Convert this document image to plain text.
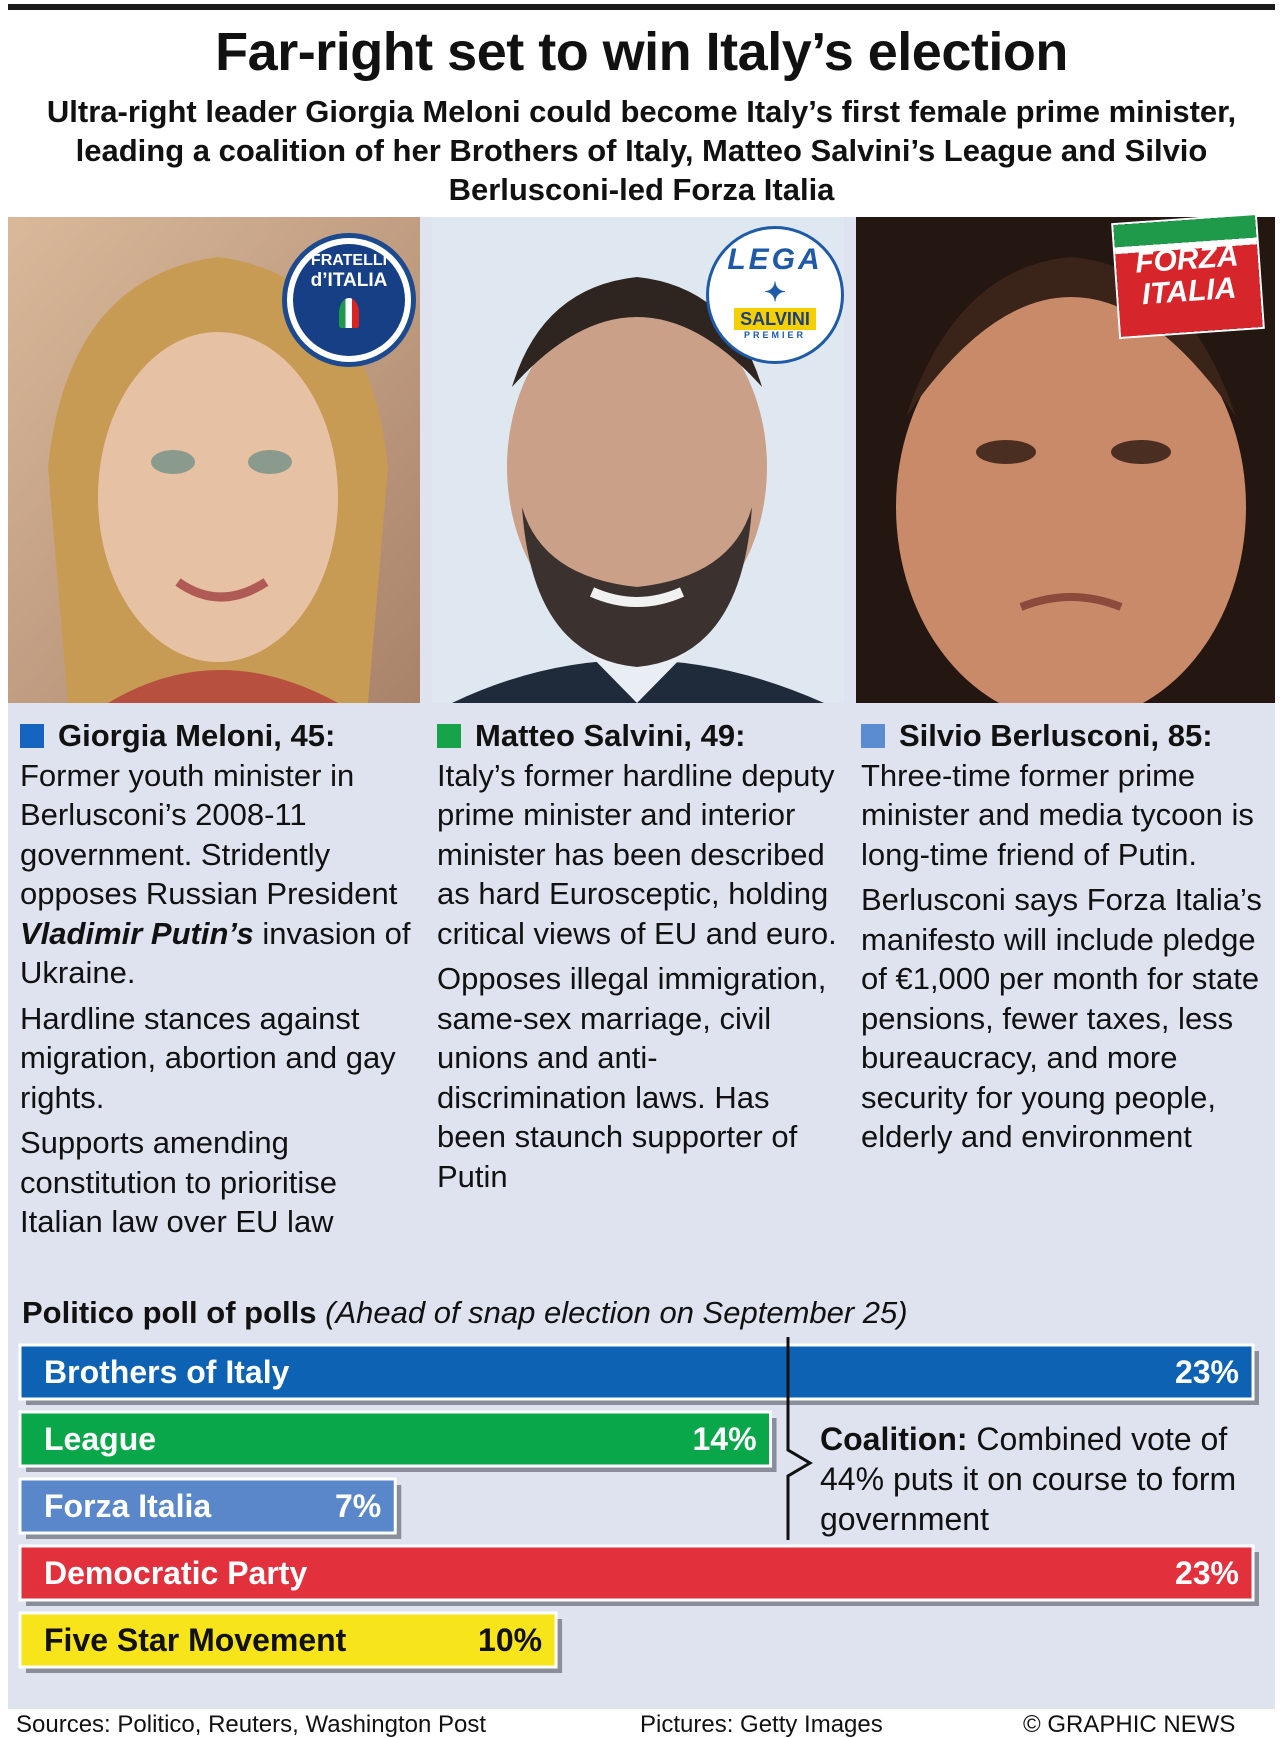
Far-right set to win Italy’s election
Ultra-right leader Giorgia Meloni could become Italy’s first female prime minister, leading a coalition of her Brothers of Italy, Matteo Salvini’s League and Silvio Berlusconi-led Forza Italia
FRATELLI
d’ITALIA
LEGA
✦
SALVINI
PREMIER
FORZA
ITALIA
Giorgia Meloni, 45:

Former youth minister in Berlusconi’s 2008-11 government. Stridently opposes Russian President Vladimir Putin’s invasion of Ukraine.

Hardline stances against migration, abortion and gay rights.

Supports amending constitution to prioritise Italian law over EU law

Matteo Salvini, 49:

Italy’s former hardline deputy prime minister and interior minister has been described as hard Eurosceptic, holding critical views of EU and euro.

Opposes illegal immigration, same-sex marriage, civil unions and anti-discrimination laws. Has been staunch supporter of Putin

Silvio Berlusconi, 85:

Three-time former prime minister and media tycoon is long-time friend of Putin.

Berlusconi says Forza Italia’s manifesto will include pledge of €1,000 per month for state pensions, fewer taxes, less bureaucracy, and more security for young people, elderly and environment

Politico poll of polls (Ahead of snap election on September 25)
Brothers of Italy	23%
League	14%
Forza Italia	7%
Democratic Party	23%
Five Star Movement	10%
Coalition: Combined vote of 44% puts it on course to form government
Sources: Politico, Reuters, Washington Post	Pictures: Getty Images	© GRAPHIC NEWS
